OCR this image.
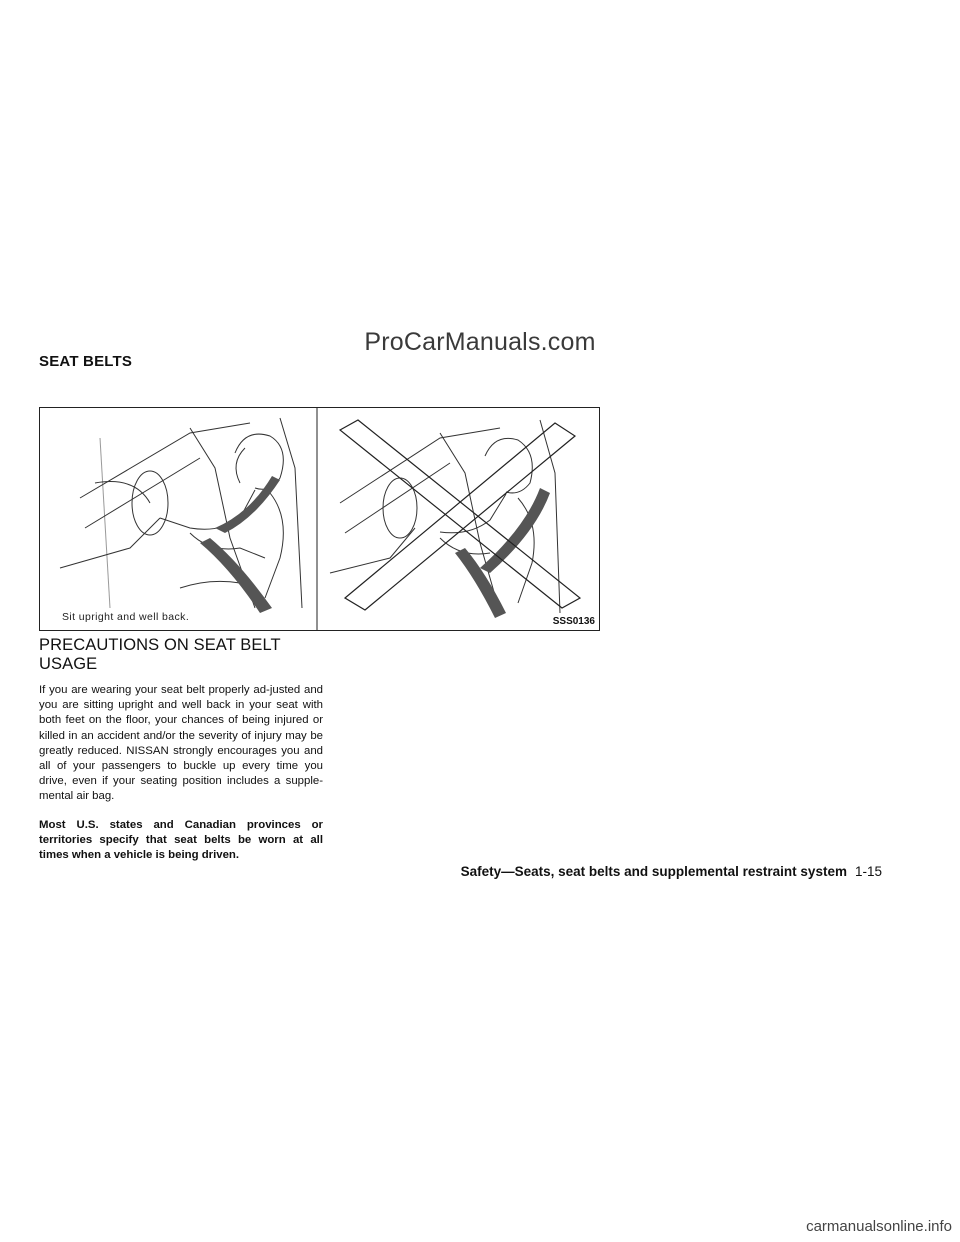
ProCarManuals.com
SEAT BELTS
Sit upright and well back.	SSS0136
PRECAUTIONS ON SEAT BELT USAGE

If you are wearing your seat belt properly ad-justed and you are sitting upright and well back in your seat with both feet on the floor, your chances of being injured or killed in an accident and/or the severity of injury may be greatly reduced. NISSAN strongly encourages you and all of your passengers to buckle up every time you drive, even if your seating position includes a supple-mental air bag.

Most U.S. states and Canadian provinces or territories specify that seat belts be worn at all times when a vehicle is being driven.

Safety—Seats, seat belts and supplemental restraint system 1-15
carmanualsonline.info
